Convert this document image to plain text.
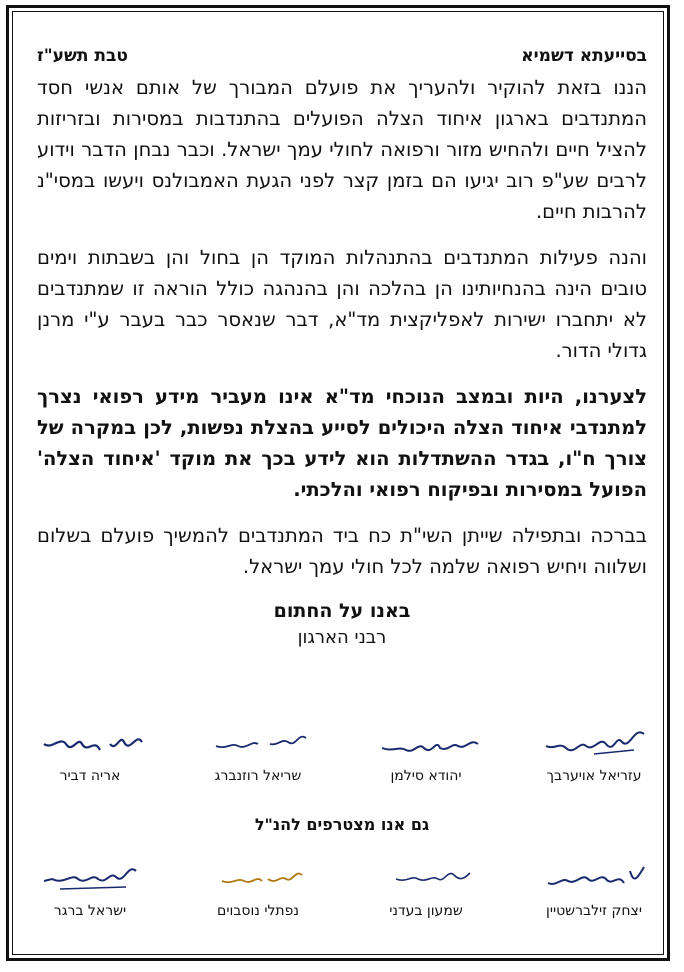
בסייעתא דשמיא
טבת תשע"ז

הננו בזאת להוקיר ולהעריך את פועלם המבורך של אותם אנשי חסד המתנדבים בארגון איחוד הצלה הפועלים בהתנדבות במסירות ובזריזות להציל חיים ולהחיש מזור ורפואה לחולי עמך ישראל. וכבר נבחן הדבר וידוע לרבים שע"פ רוב יגיעו הם בזמן קצר לפני הגעת האמבולנס ויעשו במסי"נ להרבות חיים.

והנה פעילות המתנדבים בהתנהלות המוקד הן בחול והן בשבתות וימים טובים הינה בהנחיותינו הן בהלכה והן בהנהגה כולל הוראה זו שמתנדבים לא יתחברו ישירות לאפליקצית מד"א, דבר שנאסר כבר בעבר ע"י מרנן גדולי הדור.

לצערנו, היות ובמצב הנוכחי מד"א אינו מעביר מידע רפואי נצרך למתנדבי איחוד הצלה היכולים לסייע בהצלת נפשות, לכן במקרה של צורך ח"ו, בגדר ההשתדלות הוא לידע בכך את מוקד 'איחוד הצלה' הפועל במסירות ובפיקוח רפואי והלכתי.

בברכה ובתפילה שייתן השי"ת כח ביד המתנדבים להמשיך פועלם בשלום ושלווה ויחיש רפואה שלמה לכל חולי עמך ישראל.

באנו על החתום
רבני הארגון
עזריאל אויערבך
יהודא סילמן
שריאל רוזנברג
אריה דביר
גם אנו מצטרפים להנ"ל
יצחק זילברשטיין
שמעון בעדני
נפתלי נוסבוים
ישראל ברגר
